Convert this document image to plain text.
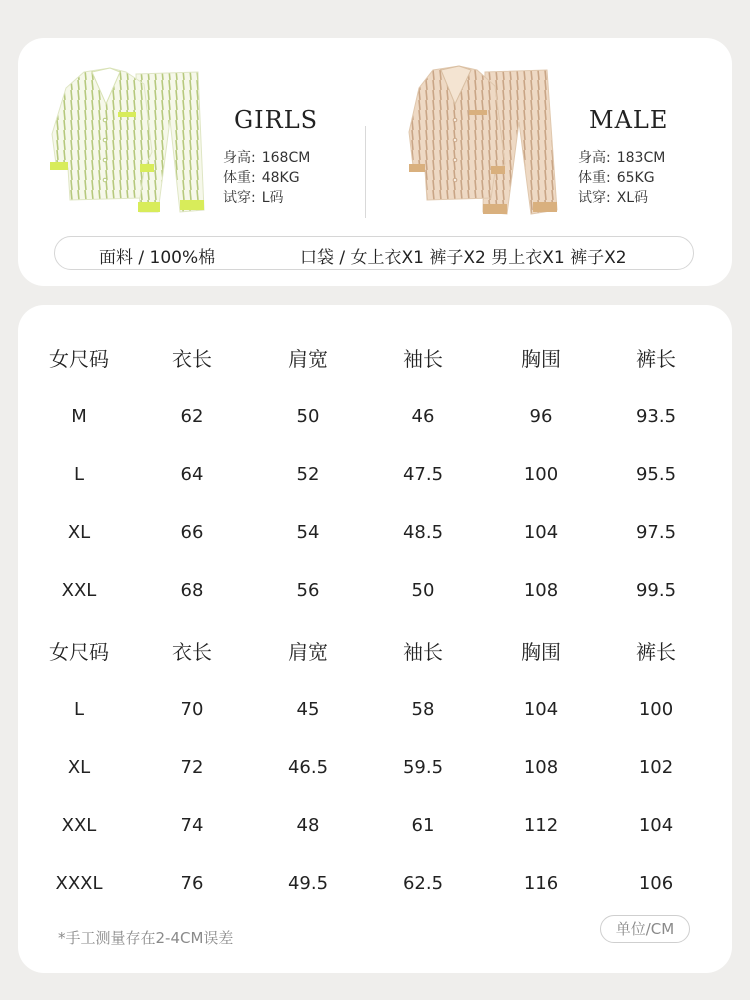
GIRLS
身高: 168CM
体重: 48KG
试穿: L码
MALE
身高: 183CM
体重: 65KG
试穿: XL码
面料 / 100%棉	口袋 / 女上衣X1 裤子X2 男上衣X1 裤子X2
女尺码	衣长	肩宽	袖长	胸围	裤长
M	62	50	46	96	93.5
L	64	52	47.5	100	95.5
XL	66	54	48.5	104	97.5
XXL	68	56	50	108	99.5
女尺码	衣长	肩宽	袖长	胸围	裤长
L	70	45	58	104	100
XL	72	46.5	59.5	108	102
XXL	74	48	61	112	104
XXXL	76	49.5	62.5	116	106
*手工测量存在2-4CM误差	单位/CM
